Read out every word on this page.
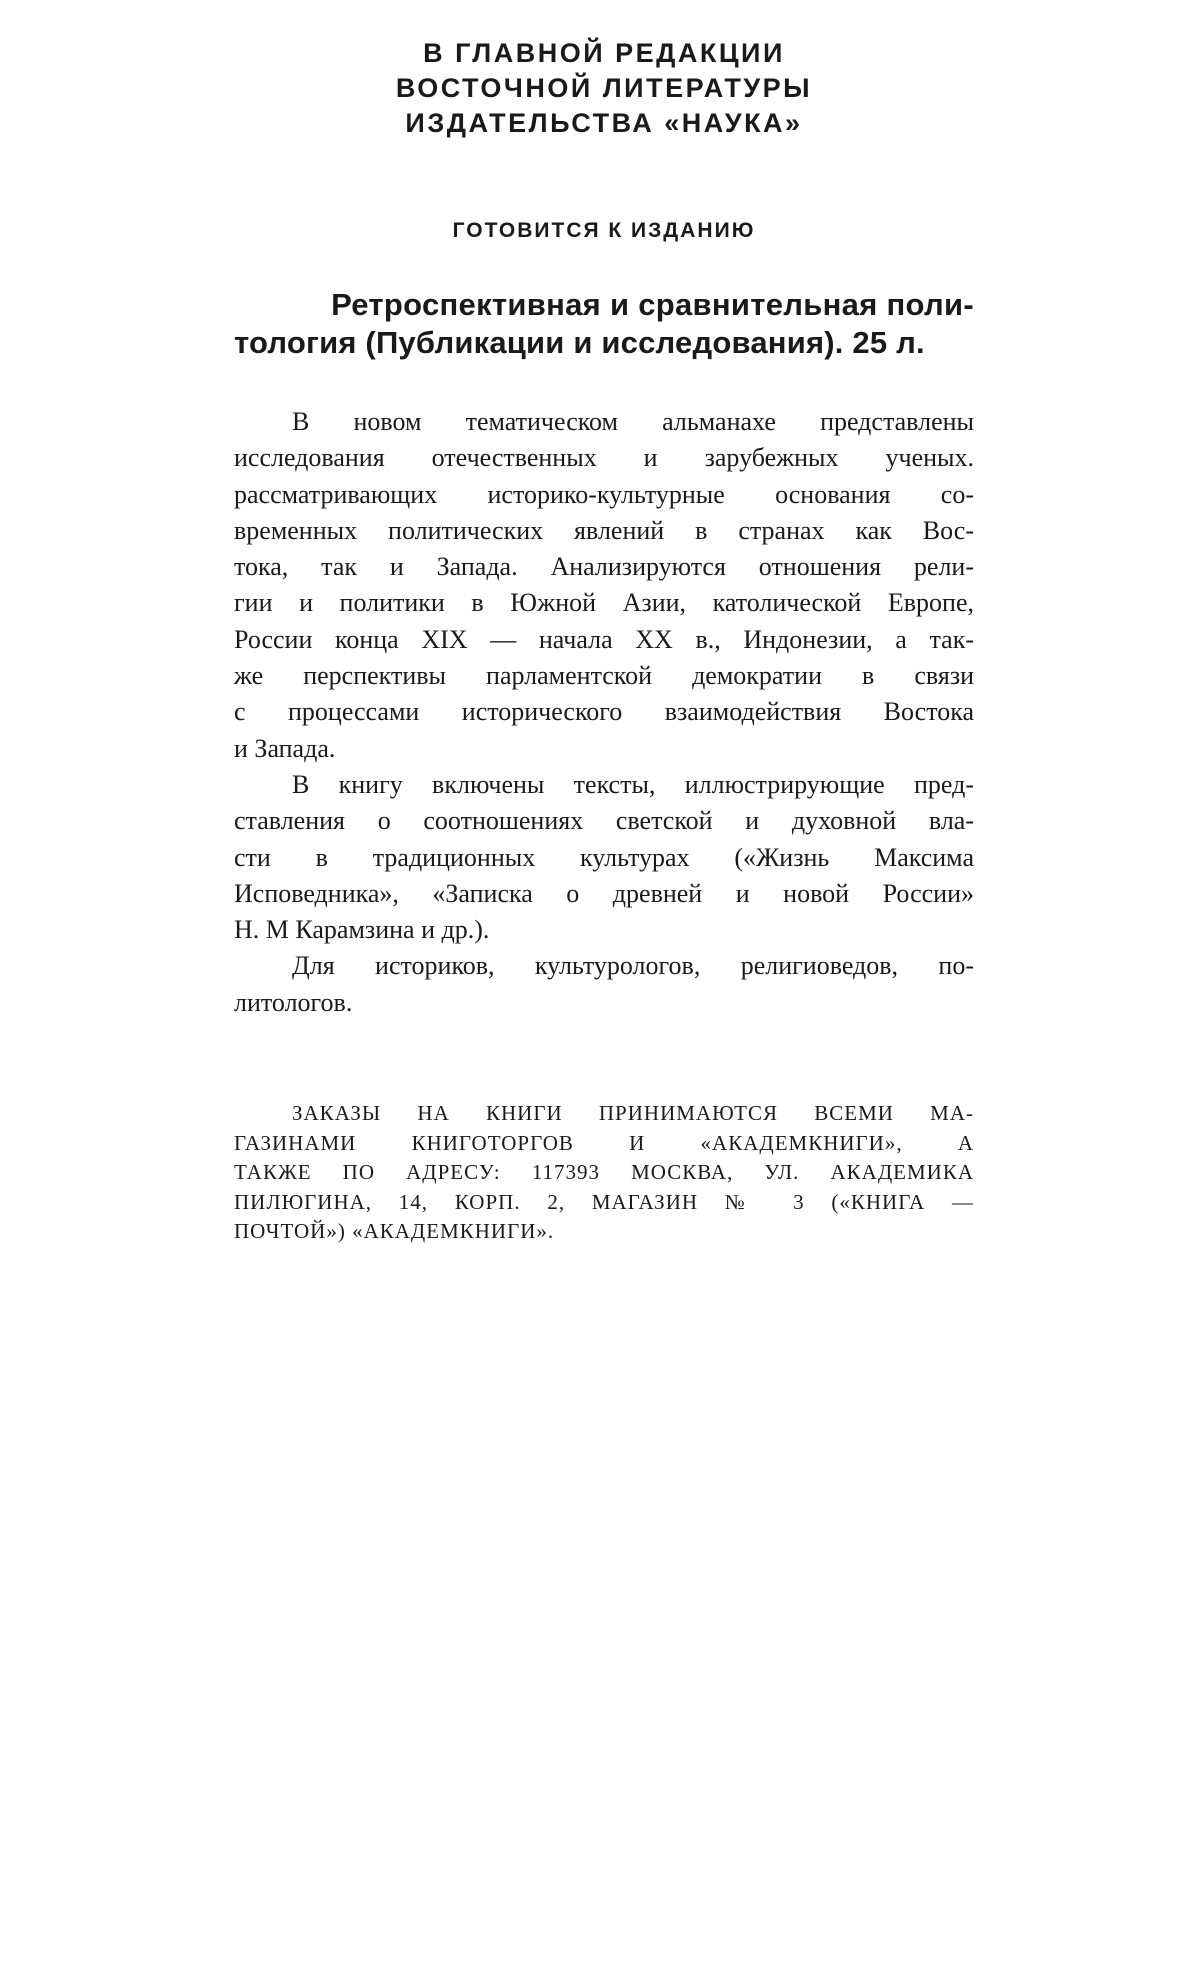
В ГЛАВНОЙ РЕДАКЦИИ
ВОСТОЧНОЙ ЛИТЕРАТУРЫ
ИЗДАТЕЛЬСТВА «НАУКА»
ГОТОВИТСЯ К ИЗДАНИЮ
Ретроспективная и сравнительная поли-
тология (Публикации и исследования). 25 л.
В новом тематическом альманахе представлены
исследования отечественных и зарубежных ученых.
рассматривающих историко-культурные основания со-
временных политических явлений в странах как Вос-
тока, так и Запада. Анализируются отношения рели-
гии и политики в Южной Азии, католической Европе,
России конца XIX — начала XX в., Индонезии, а так-
же перспективы парламентской демократии в связи
с процессами исторического взаимодействия Востока
и Запада.
В книгу включены тексты, иллюстрирующие пред-
ставления о соотношениях светской и духовной вла-
сти в традиционных культурах («Жизнь Максима
Исповедника», «Записка о древней и новой России»
Н. М Карамзина и др.).
Для историков, культурологов, религиоведов, по-
литологов.
ЗАКАЗЫ НА КНИГИ ПРИНИМАЮТСЯ ВСЕМИ МА-
ГАЗИНАМИ КНИГОТОРГОВ И «АКАДЕМКНИГИ», А
ТАКЖЕ ПО АДРЕСУ: 117393 МОСКВА, УЛ. АКАДЕМИКА
ПИЛЮГИНА, 14, КОРП. 2, МАГАЗИН № 3 («КНИГА —
ПОЧТОЙ») «АКАДЕМКНИГИ».
